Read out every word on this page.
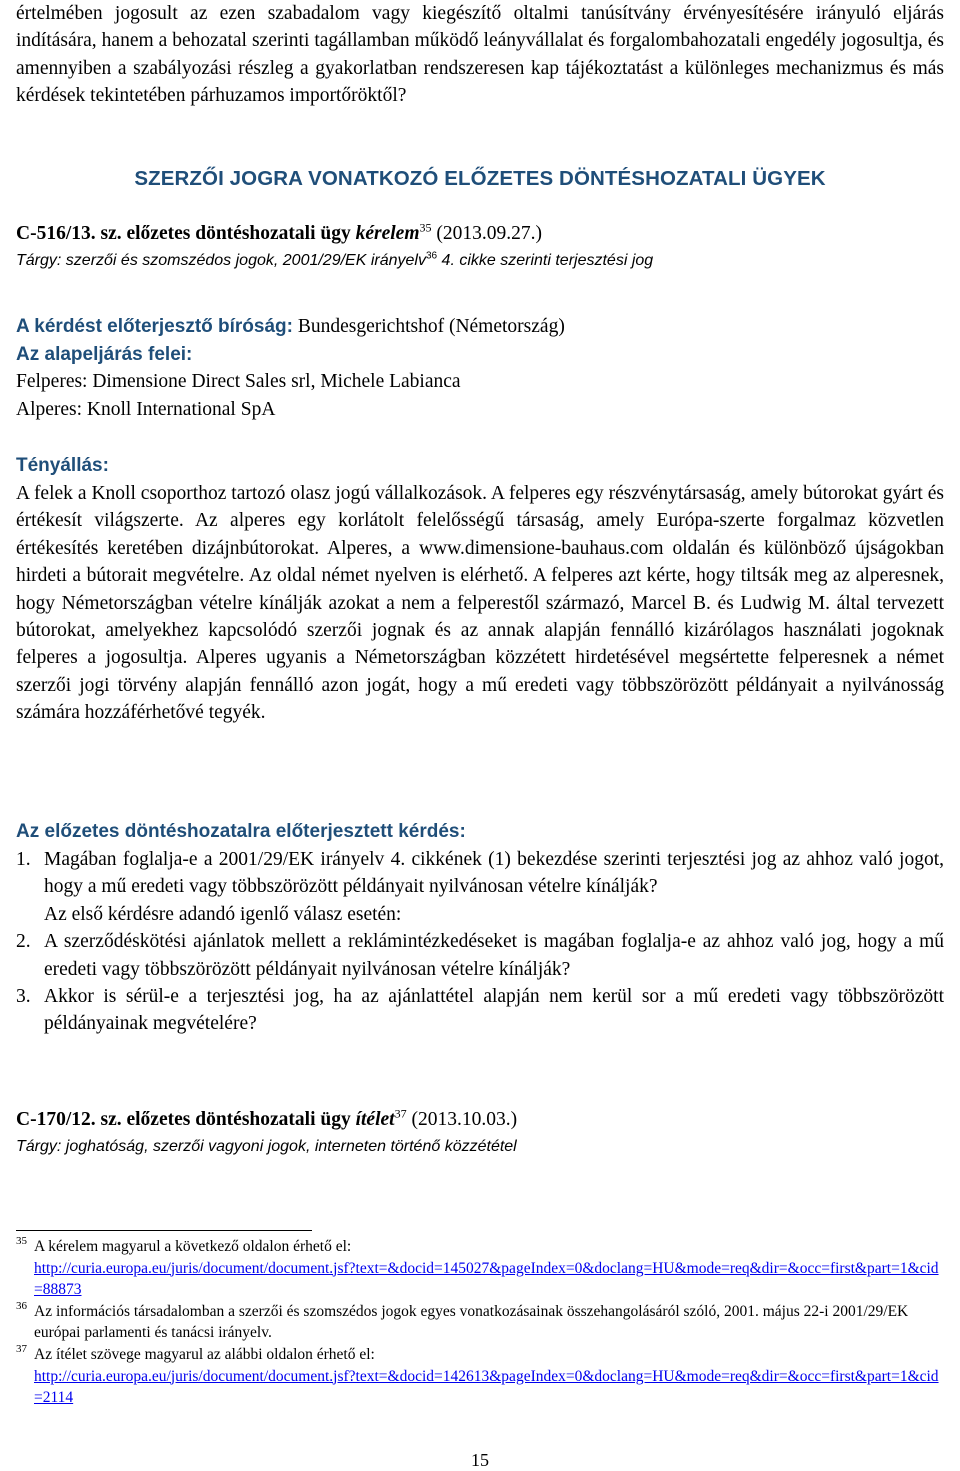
értelmében jogosult az ezen szabadalom vagy kiegészítő oltalmi tanúsítvány érvényesítésére irányuló eljárás indítására, hanem a behozatal szerinti tagállamban működő leányvállalat és forgalombahozatali engedély jogosultja, és amennyiben a szabályozási részleg a gyakorlatban rendszeresen kap tájékoztatást a különleges mechanizmus és más kérdések tekintetében párhuzamos importőröktől?

SZERZŐI JOGRA VONATKOZÓ ELŐZETES DÖNTÉSHOZATALI ÜGYEK
C-516/13. sz. előzetes döntéshozatali ügy kérelem$^{35}$ (2013.09.27.)
Tárgy: szerzői és szomszédos jogok, 2001/29/EK irányelv$^{36}$ 4. cikke szerinti terjesztési jog
A kérdést előterjesztő bíróság: Bundesgerichtshof (Németország)
Az alapeljárás felei:
Felperes: Dimensione Direct Sales srl, Michele Labianca
Alperes: Knoll International SpA
Tényállás:

A felek a Knoll csoporthoz tartozó olasz jogú vállalkozások. A felperes egy részvénytársaság, amely bútorokat gyárt és értékesít világszerte. Az alperes egy korlátolt felelősségű társaság, amely Európa-szerte forgalmaz közvetlen értékesítés keretében dizájnbútorokat. Alperes, a www.dimensione-bauhaus.com oldalán és különböző újságokban hirdeti a bútorait megvételre. Az oldal német nyelven is elérhető. A felperes azt kérte, hogy tiltsák meg az alperesnek, hogy Németországban vételre kínálják azokat a nem a felperestől származó, Marcel B. és Ludwig M. által tervezett bútorokat, amelyekhez kapcsolódó szerzői jognak és az annak alapján fennálló kizárólagos használati jogoknak felperes a jogosultja. Alperes ugyanis a Németországban közzétett hirdetésével megsértette felperesnek a német szerzői jogi törvény alapján fennálló azon jogát, hogy a mű eredeti vagy többszörözött példányait a nyilvánosság számára hozzáférhetővé tegyék.

Az előzetes döntéshozatalra előterjesztett kérdés:
1. Magában foglalja-e a 2001/29/EK irányelv 4. cikkének (1) bekezdése szerinti terjesztési jog az ahhoz való jogot, hogy a mű eredeti vagy többszörözött példányait nyilvánosan vételre kínálják?
Az első kérdésre adandó igenlő válasz esetén:
2. A szerződéskötési ajánlatok mellett a reklámintézkedéseket is magában foglalja-e az ahhoz való jog, hogy a mű eredeti vagy többszörözött példányait nyilvánosan vételre kínálják?
3. Akkor is sérül-e a terjesztési jog, ha az ajánlattétel alapján nem kerül sor a mű eredeti vagy többszörözött példányainak megvételére?
C-170/12. sz. előzetes döntéshozatali ügy ítélet$^{37}$ (2013.10.03.)
Tárgy: joghatóság, szerzői vagyoni jogok, interneten történő közzététel
35 A kérelem magyarul a következő oldalon érhető el:
http://curia.europa.eu/juris/document/document.jsf?text=&docid=145027&pageIndex=0&doclang=HU&mode=req&dir=&occ=first&part=1&cid=88873
36 Az információs társadalomban a szerzői és szomszédos jogok egyes vonatkozásainak összehangolásáról szóló, 2001. május 22-i 2001/29/EK európai parlamenti és tanácsi irányelv.
37 Az ítélet szövege magyarul az alábbi oldalon érhető el:
http://curia.europa.eu/juris/document/document.jsf?text=&docid=142613&pageIndex=0&doclang=HU&mode=req&dir=&occ=first&part=1&cid=2114
15
